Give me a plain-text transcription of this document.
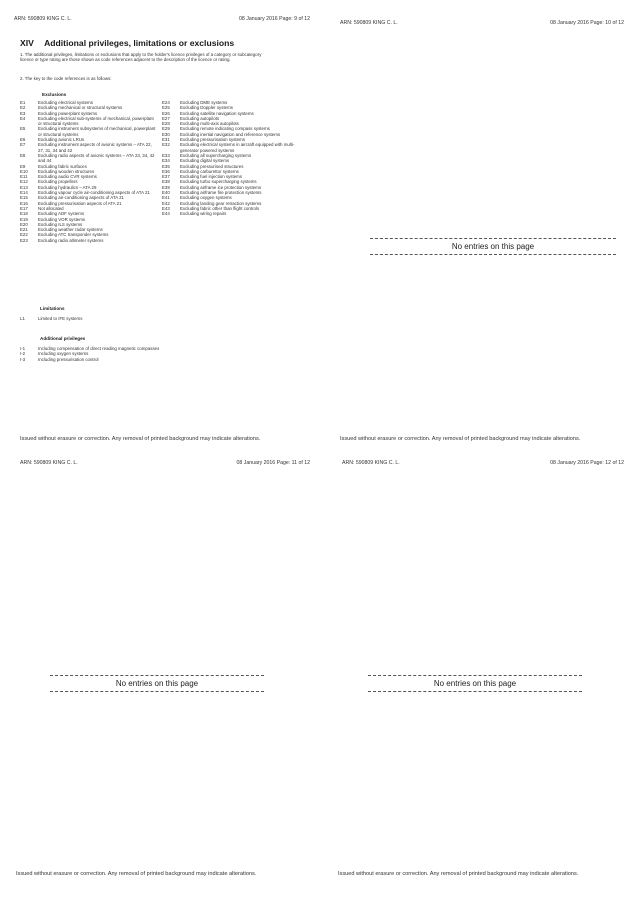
ARN: 590809 KING C. L.	08 January 2016 Page: 9 of 12
XIV Additional privileges, limitations or exclusions
1. The additional privileges, limitations or exclusions that apply to the holder's licence privileges of a category or subcategory licence or type rating are those shown as code references adjacent to the description of the licence or rating.
2. The key to the code references is as follows:
Exclusions
E1	Excluding electrical systems
E2	Excluding mechanical or structural systems
E3	Excluding powerplant systems
E4	Excluding electrical sub-systems of mechanical, powerplant or structural systems
E5	Excluding instrument subsystems of mechanical, powerplant or structural systems
E6	Excluding avionic LRUs
E7	Excluding instrument aspects of avionic systems – ATA 22, 27, 31, 34 and 42
E8	Excluding radio aspects of avionic systems – ATA 23, 34, 42 and 44
E9	Excluding fabric surfaces
E10	Excluding wooden structures
E11	Excluding audio CVR systems
E12	Excluding propellers
E13	Excluding hydraulics – ATA 29
E14	Excluding vapour cycle air-conditioning aspects of ATA 21
E15	Excluding air-conditioning aspects of ATA 21
E16	Excluding pressurisation aspects of ATA 21
E17	Not allocated
E18	Excluding ADF systems
E19	Excluding VOR systems
E20	Excluding ILS systems
E21	Excluding weather radar systems
E22	Excluding ATC transponder systems
E23	Excluding radio altimeter systems
E24	Excluding DME systems
E25	Excluding Doppler systems
E26	Excluding satellite navigation systems
E27	Excluding autopilots
E28	Excluding multi-axis autopilots
E29	Excluding remote indicating compass systems
E30	Excluding inertial navigation and reference systems
E31	Excluding pressurisation systems
E32	Excluding electrical systems in aircraft equipped with multi-generator powered systems
E33	Excluding all supercharging systems
E34	Excluding digital systems
E35	Excluding pressurised structures
E36	Excluding carburettor systems
E37	Excluding fuel injection systems
E38	Excluding turbo supercharging systems
E39	Excluding airframe ice protection systems
E40	Excluding airframe fire protection systems
E41	Excluding oxygen systems
E42	Excluding landing gear retraction systems
E43	Excluding fabric other than flight controls
E44	Excluding wiring repairs
Limitations
L1	Limited to IFE systems
Additional privileges
I-1	Including compensation of direct reading magnetic compasses
I-2	Including oxygen systems
I-3	Including pressurisation control
Issued without erasure or correction. Any removal of printed background may indicate alterations.
ARN: 590809 KING C. L.	08 January 2016 Page: 10 of 12
No entries on this page
Issued without erasure or correction. Any removal of printed background may indicate alterations.
ARN: 590809 KING C. L.	08 January 2016 Page: 11 of 12
No entries on this page
Issued without erasure or correction. Any removal of printed background may indicate alterations.
ARN: 590809 KING C. L.	08 January 2016 Page: 12 of 12
No entries on this page
Issued without erasure or correction. Any removal of printed background may indicate alterations.
